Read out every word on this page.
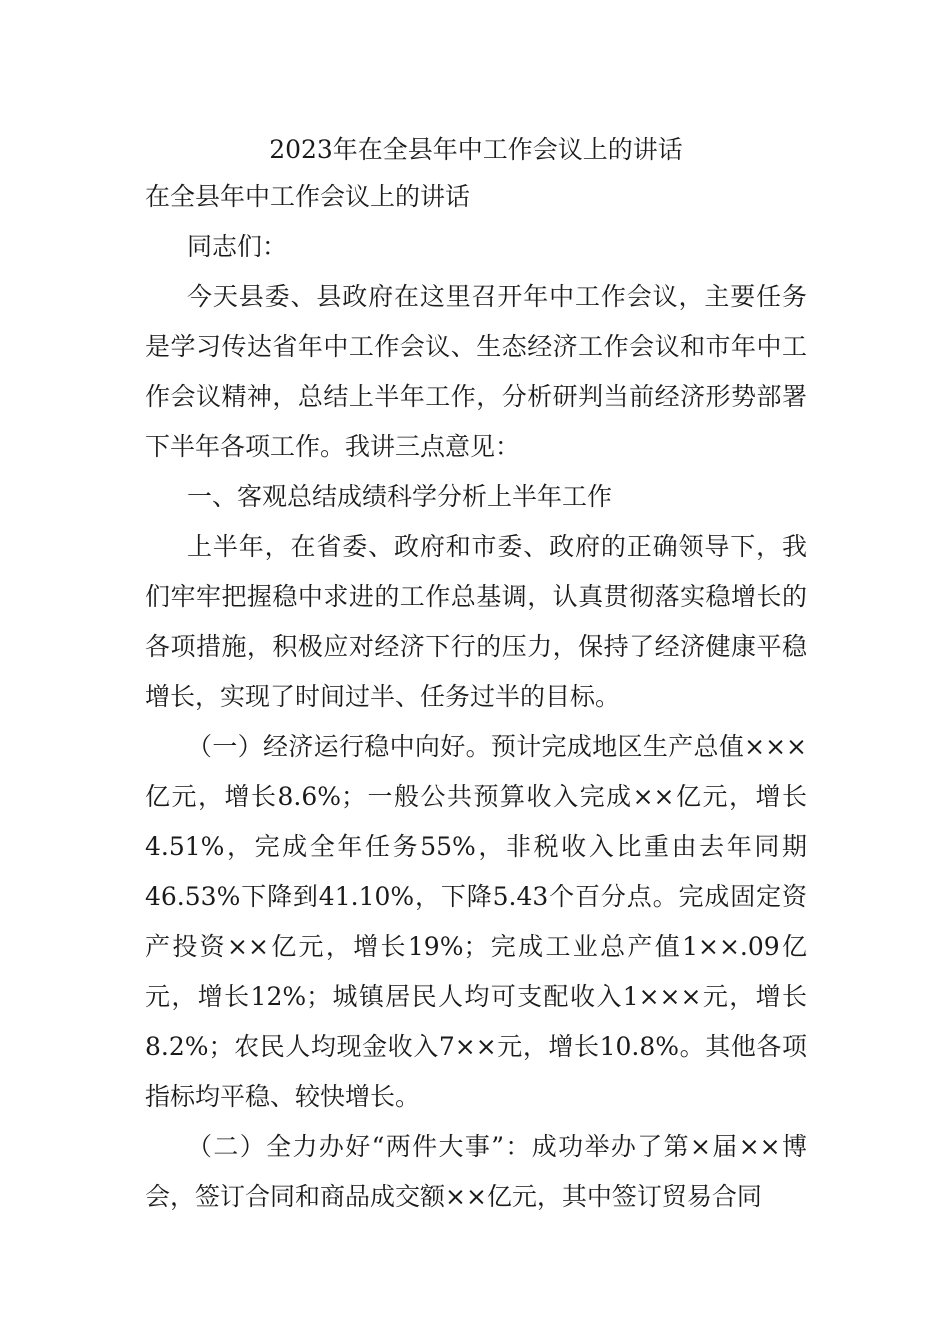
2023年在全县年中工作会议上的讲话
在全县年中工作会议上的讲话

同志们：

今天县委、县政府在这里召开年中工作会议，主要任务是学习传达省年中工作会议、生态经济工作会议和市年中工作会议精神，总结上半年工作，分析研判当前经济形势部署下半年各项工作。我讲三点意见：

一、客观总结成绩科学分析上半年工作

上半年，在省委、政府和市委、政府的正确领导下，我们牢牢把握稳中求进的工作总基调，认真贯彻落实稳增长的各项措施，积极应对经济下行的压力，保持了经济健康平稳增长，实现了时间过半、任务过半的目标。

（一）经济运行稳中向好。预计完成地区生产总值×××亿元，增长8.6%；一般公共预算收入完成××亿元，增长4.51%，完成全年任务55%，非税收入比重由去年同期46.53%下降到41.10%，下降5.43个百分点。完成固定资产投资××亿元，增长19%；完成工业总产值1××.09亿元，增长12%；城镇居民人均可支配收入1×××元，增长8.2%；农民人均现金收入7××元，增长10.8%。其他各项指标均平稳、较快增长。

（二）全力办好“两件大事”：成功举办了第×届××博会，签订合同和商品成交额××亿元，其中签订贸易合同
